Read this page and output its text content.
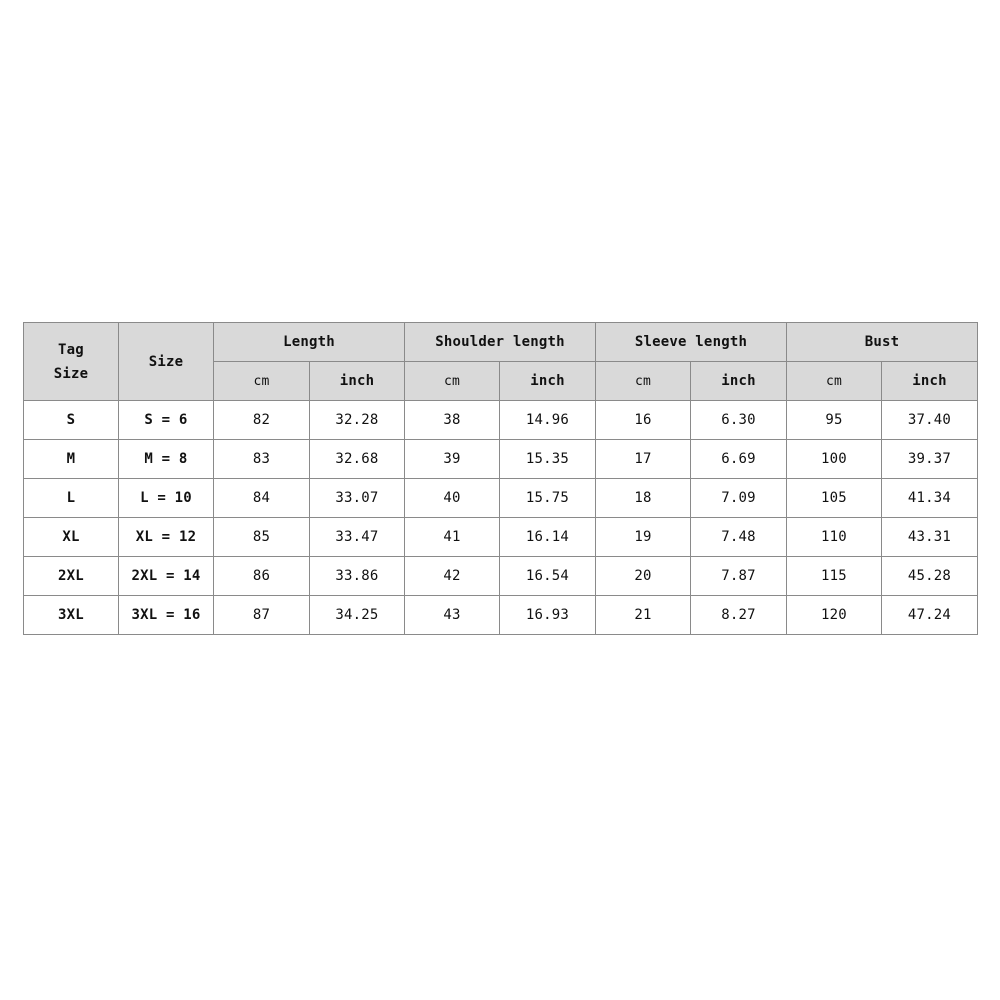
Tag
Size	Size	Length		Shoulder length		Sleeve length		Bust	
		cm	inch	cm	inch	cm	inch	cm	inch
S	S = 6	82	32.28	38	14.96	16	6.30	95	37.40
M	M = 8	83	32.68	39	15.35	17	6.69	100	39.37
L	L = 10	84	33.07	40	15.75	18	7.09	105	41.34
XL	XL = 12	85	33.47	41	16.14	19	7.48	110	43.31
2XL	2XL = 14	86	33.86	42	16.54	20	7.87	115	45.28
3XL	3XL = 16	87	34.25	43	16.93	21	8.27	120	47.24
